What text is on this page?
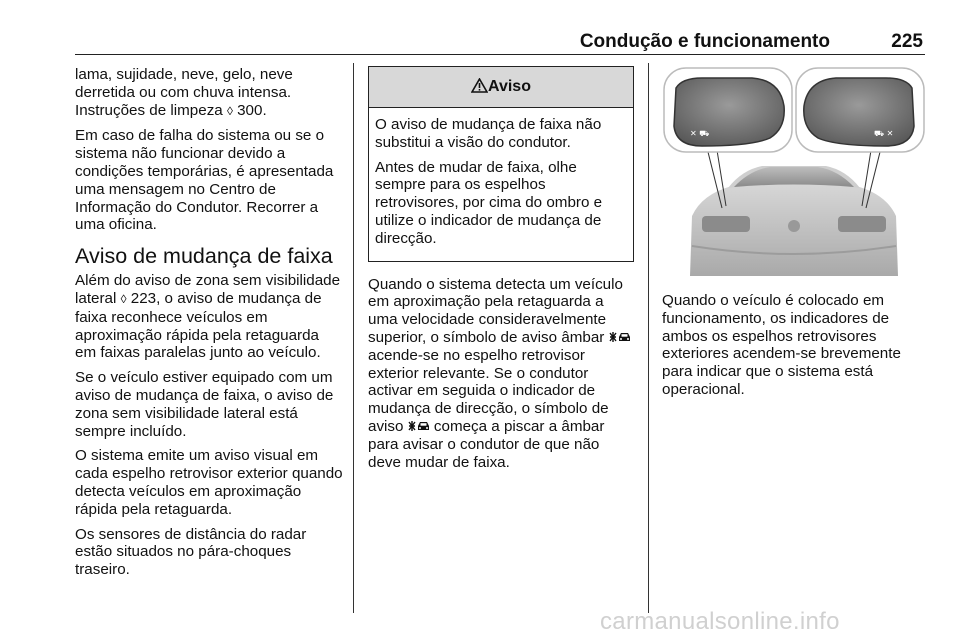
Condução e funcionamento	225

lama, sujidade, neve, gelo, neve derretida ou com chuva intensa. Instruções de limpeza ◊ 300.

Em caso de falha do sistema ou se o sistema não funcionar devido a condições temporárias, é apresentada uma mensagem no Centro de Informação do Condutor. Recorrer a uma oficina.

Aviso de mudança de faixa

Além do aviso de zona sem visibilidade lateral ◊ 223, o aviso de mudança de faixa reconhece veículos em aproximação rápida pela retaguarda em faixas paralelas junto ao veículo.

Se o veículo estiver equipado com um aviso de mudança de faixa, o aviso de zona sem visibilidade lateral está sempre incluído.

O sistema emite um aviso visual em cada espelho retrovisor exterior quando detecta veículos em aproximação rápida pela retaguarda.

Os sensores de distância do radar estão situados no pára-choques traseiro.

Aviso

O aviso de mudança de faixa não substitui a visão do condutor.

Antes de mudar de faixa, olhe sempre para os espelhos retrovisores, por cima do ombro e utilize o indicador de mudança de direcção.

Quando o sistema detecta um veículo em aproximação pela retaguarda a uma velocidade consideravelmente superior, o símbolo de aviso âmbar  acende-se no espelho retrovisor exterior relevante. Se o condutor activar em seguida o indicador de mudança de direcção, o símbolo de aviso  começa a piscar a âmbar para avisar o condutor de que não deve mudar de faixa.

✕ ⛟	⛟ ✕

Quando o veículo é colocado em funcionamento, os indicadores de ambos os espelhos retrovisores exteriores acendem-se brevemente para indicar que o sistema está operacional.

carmanualsonline.info
